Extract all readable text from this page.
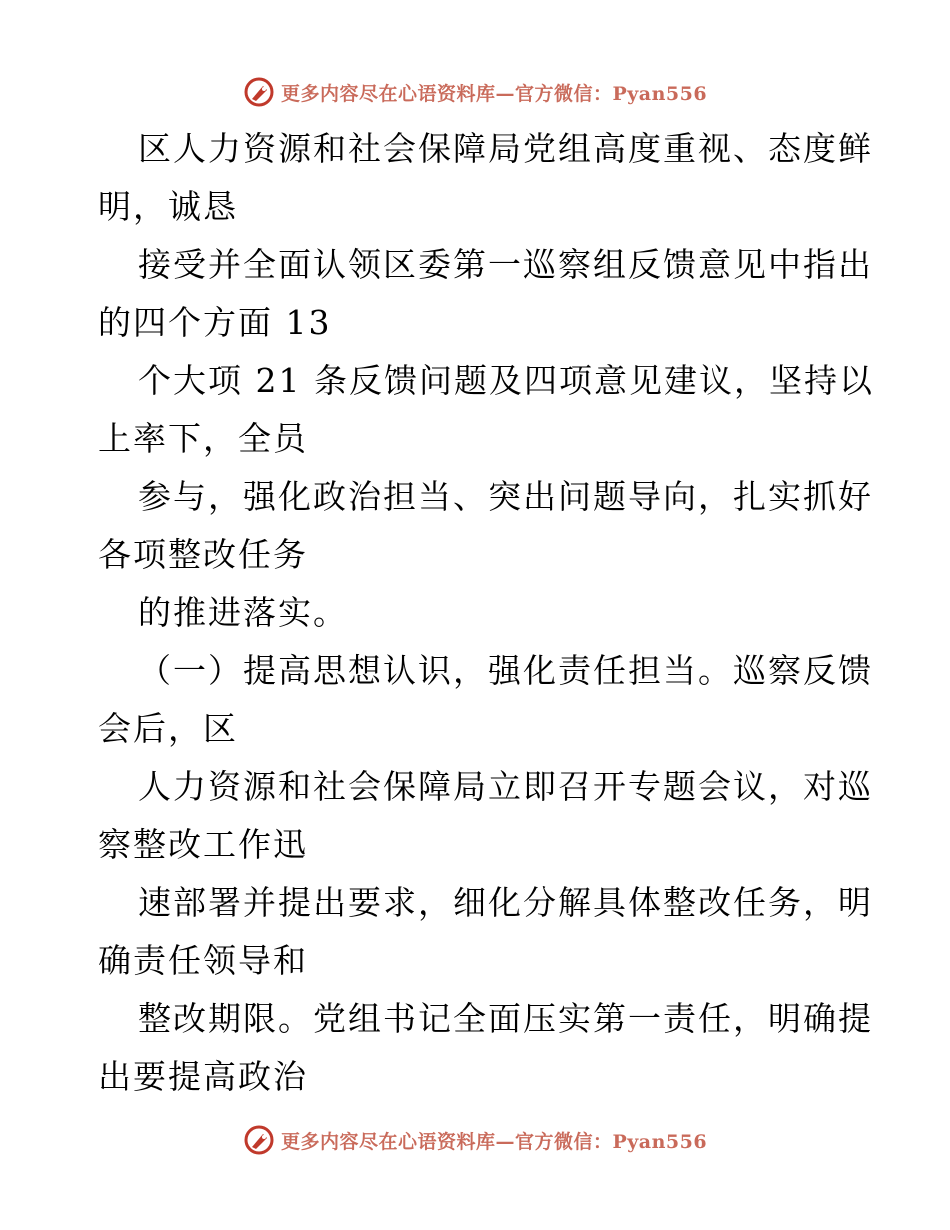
更多内容尽在心语资料库—官方微信：Pyan556
区人力资源和社会保障局党组高度重视、态度鲜
明，诚恳
接受并全面认领区委第一巡察组反馈意见中指出
的四个方面 13
个大项 21 条反馈问题及四项意见建议，坚持以
上率下，全员
参与，强化政治担当、突出问题导向，扎实抓好
各项整改任务
的推进落实。
（一）提高思想认识，强化责任担当。巡察反馈
会后，区
人力资源和社会保障局立即召开专题会议，对巡
察整改工作迅
速部署并提出要求，细化分解具体整改任务，明
确责任领导和
整改期限。党组书记全面压实第一责任，明确提
出要提高政治
更多内容尽在心语资料库—官方微信：Pyan556
